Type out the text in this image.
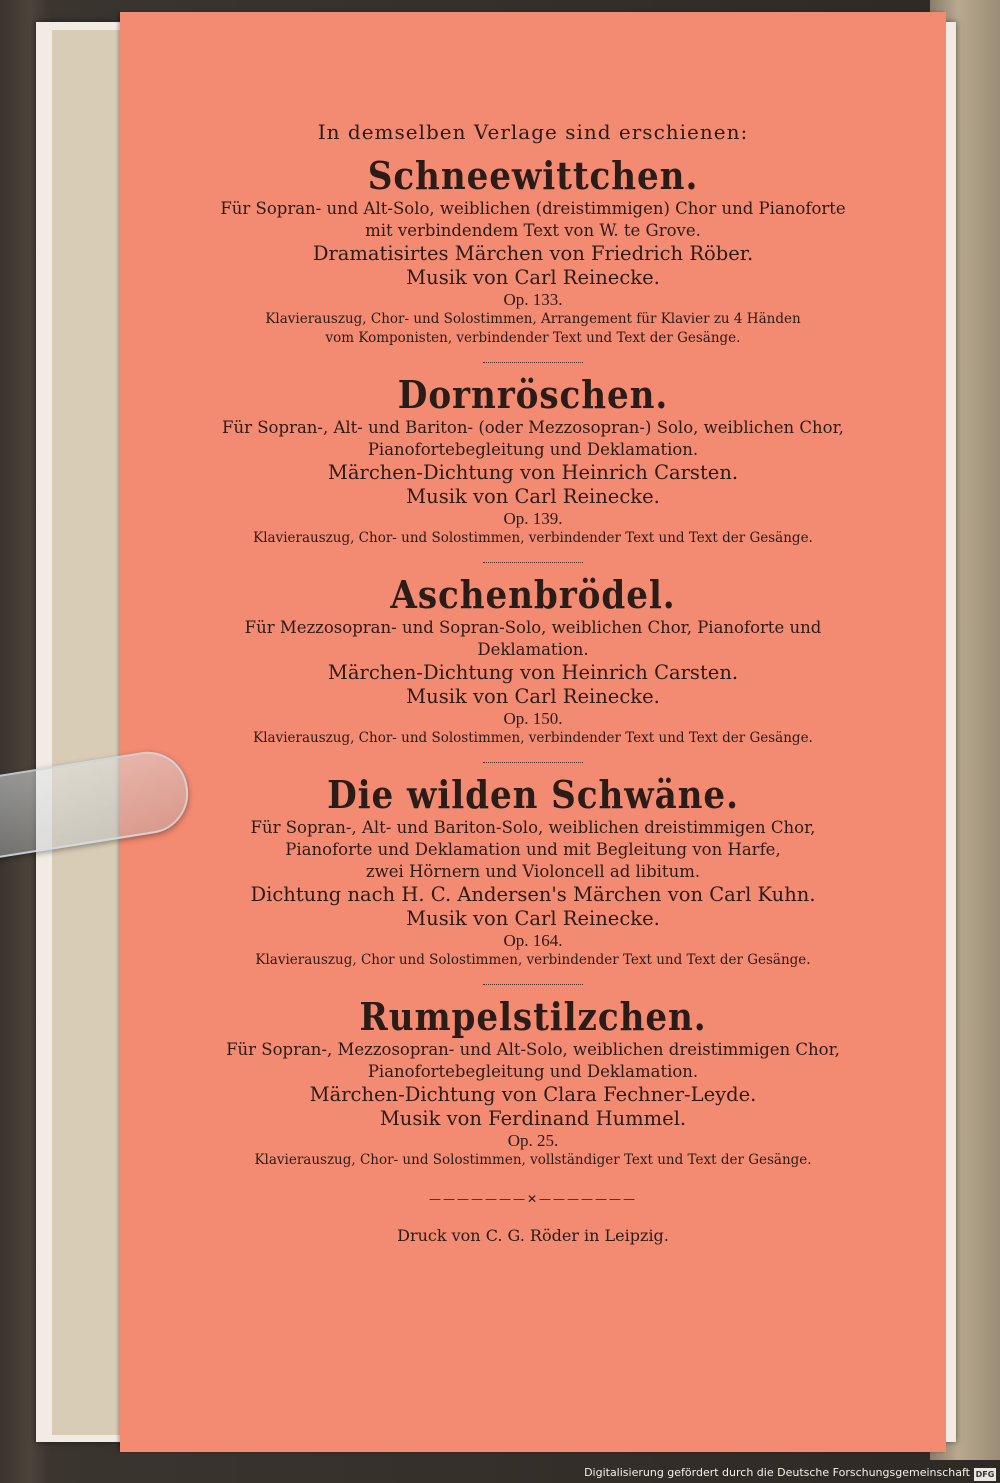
In demselben Verlage sind erschienen:
Schneewittchen.
Für Sopran- und Alt-Solo, weiblichen (dreistimmigen) Chor und Pianoforte
mit verbindendem Text von W. te Grove.
Dramatisirtes Märchen von Friedrich Röber.
Musik von Carl Reinecke.
Op. 133.
Klavierauszug, Chor- und Solostimmen, Arrangement für Klavier zu 4 Händen
vom Komponisten, verbindender Text und Text der Gesänge.
Dornröschen.
Für Sopran-, Alt- und Bariton- (oder Mezzosopran-) Solo, weiblichen Chor,
Pianofortebegleitung und Deklamation.
Märchen-Dichtung von Heinrich Carsten.
Musik von Carl Reinecke.
Op. 139.
Klavierauszug, Chor- und Solostimmen, verbindender Text und Text der Gesänge.
Aschenbrödel.
Für Mezzosopran- und Sopran-Solo, weiblichen Chor, Pianoforte und
Deklamation.
Märchen-Dichtung von Heinrich Carsten.
Musik von Carl Reinecke.
Op. 150.
Klavierauszug, Chor- und Solostimmen, verbindender Text und Text der Gesänge.
Die wilden Schwäne.
Für Sopran-, Alt- und Bariton-Solo, weiblichen dreistimmigen Chor,
Pianoforte und Deklamation und mit Begleitung von Harfe,
zwei Hörnern und Violoncell ad libitum.
Dichtung nach H. C. Andersen's Märchen von Carl Kuhn.
Musik von Carl Reinecke.
Op. 164.
Klavierauszug, Chor und Solostimmen, verbindender Text und Text der Gesänge.
Rumpelstilzchen.
Für Sopran-, Mezzosopran- und Alt-Solo, weiblichen dreistimmigen Chor,
Pianofortebegleitung und Deklamation.
Märchen-Dichtung von Clara Fechner-Leyde.
Musik von Ferdinand Hummel.
Op. 25.
Klavierauszug, Chor- und Solostimmen, vollständiger Text und Text der Gesänge.
———————✕———————
Druck von C. G. Röder in Leipzig.
Digitalisierung gefördert durch die Deutsche Forschungsgemeinschaft DFG
